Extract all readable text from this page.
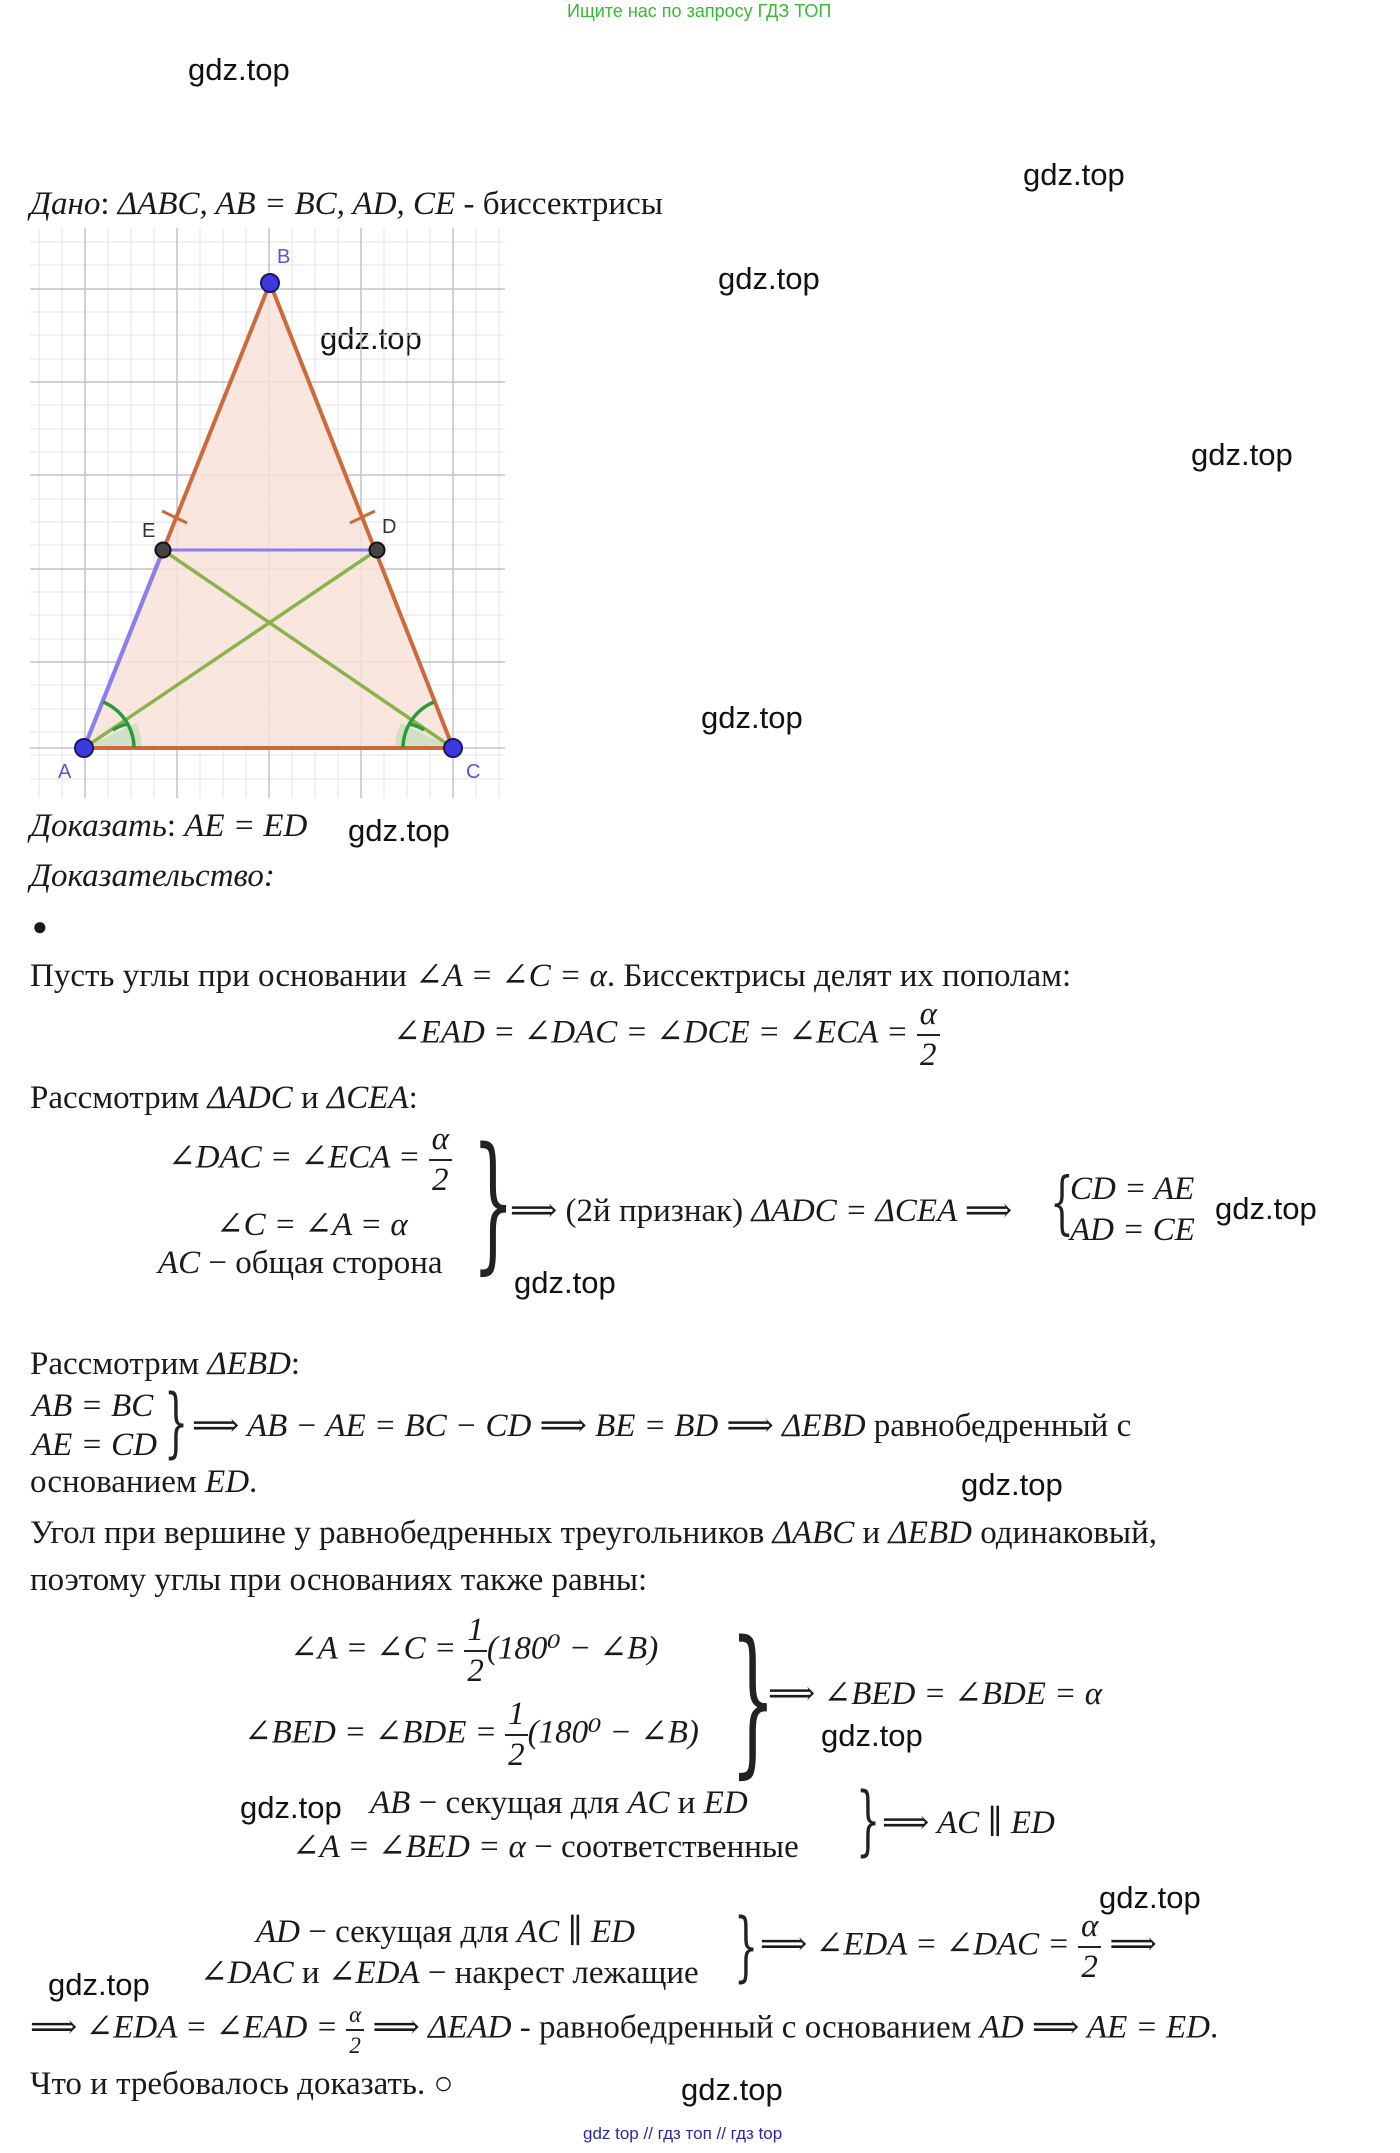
Ищите нас по запросу ГДЗ ТОП
gdz.top
gdz.top
gdz.top
gdz.top
gdz.top
gdz.top
gdz.top
gdz.top
gdz.top
gdz.top
gdz.top
gdz.top
gdz.top
gdz.top
gdz.top
Дано: ΔABC, AB = BC, AD, CE - биссектрисы
B
E	D
A	C
Доказать: AE = ED
Доказательство:
●
Пусть углы при основании ∠A = ∠C = α. Биссектрисы делят их пополам:
∠EAD = ∠DAC = ∠DCE = ∠ECA = $\frac{\alpha}{2}$
Рассмотрим ΔADC и ΔCEA:
∠DAC = ∠ECA = $\frac{\alpha}{2}$
∠C = ∠A = α
AC − общая сторона }
⟹ (2й признак) ΔADC = ΔCEA ⟹ {
CD = AE
AD = CE
Рассмотрим ΔEBD:
AB = BC
AE = CD } ⟹ AB − AE = BC − CD ⟹ BE = BD ⟹ ΔEBD равнобедренный с
основанием ED.
Угол при вершине у равнобедренных треугольников ΔABC и ΔEBD одинаковый,
поэтому углы при основаниях также равны:
∠A = ∠C = $\frac{1}{2} (180^0$ − ∠B)
∠BED = ∠BDE = $\frac{1}{2} (180^0$ − ∠B) }
⟹ ∠BED = ∠BDE = α
AB − секущая для AC и ED
∠A = ∠BED = α − соответственные } ⟹ AC ∥ ED
AD − секущая для AC ∥ ED
∠DAC и ∠EDA − накрест лежащие } ⟹ ∠EDA = ∠DAC = $\frac{\alpha}{2}$ ⟹
⟹ ∠EDA = ∠EAD = $\frac{\alpha}{2}$ ⟹ ΔEAD - равнобедренный с основанием AD ⟹ AE = ED.
Что и требовалось доказать. ○
gdz top // гдз топ // гдз top
